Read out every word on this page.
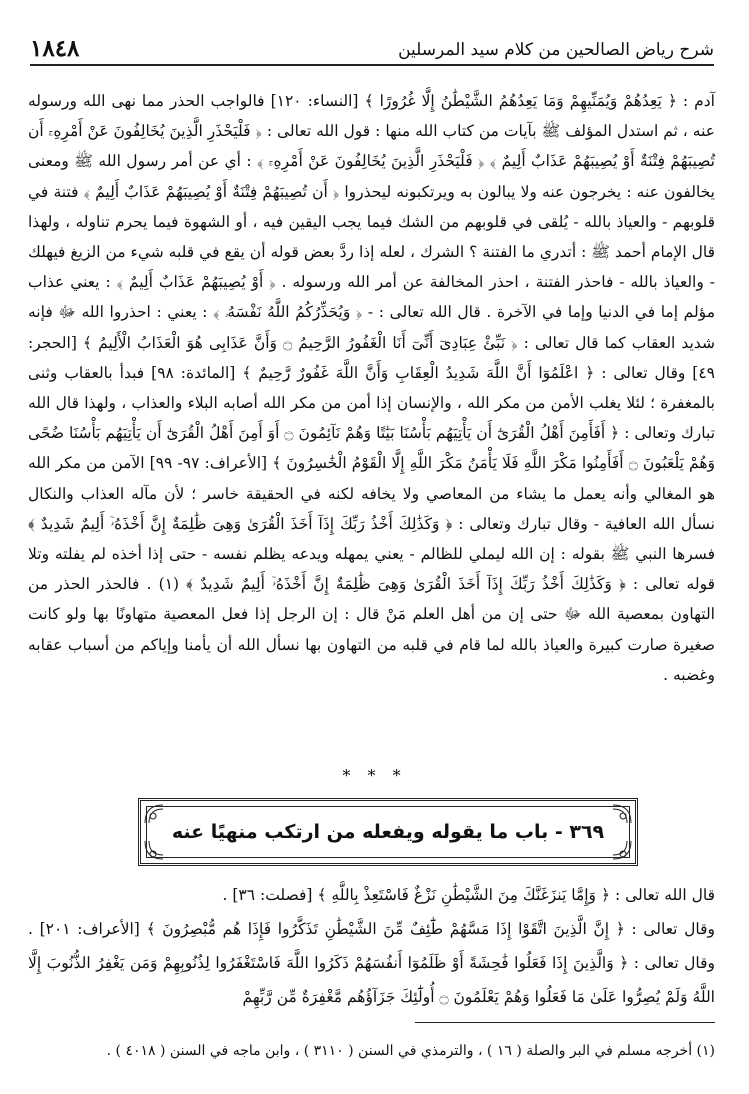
١٨٤٨	شرح رياض الصالحين من كلام سيد المرسلين

آدم : ﴿ يَعِدُهُمْ وَيُمَنِّيهِمْ وَمَا يَعِدُهُمُ الشَّيْطَٰنُ إِلَّا غُرُورًا ﴾ [النساء: ١٢٠] فالواجب الحذر مما نهى الله ورسوله عنه ، ثم استدل المؤلف ﷺ بآيات من كتاب الله منها : قول الله تعالى : ﴿ فَلْيَحْذَرِ الَّذِينَ يُخَالِفُونَ عَنْ أَمْرِهِۦٓ أَن تُصِيبَهُمْ فِتْنَةٌ أَوْ يُصِيبَهُمْ عَذَابٌ أَلِيمٌ ﴾ ﴿ فَلْيَحْذَرِ الَّذِينَ يُخَالِفُونَ عَنْ أَمْرِهِۦٓ ﴾ : أي عن أمر رسول الله ﷺ ومعنى يخالفون عنه : يخرجون عنه ولا يبالون به ويرتكبونه ليحذروا ﴿ أَن تُصِيبَهُمْ فِتْنَةٌ أَوْ يُصِيبَهُمْ عَذَابٌ أَلِيمٌ ﴾ فتنة في قلوبهم - والعياذ بالله - يُلقى في قلوبهم من الشك فيما يجب اليقين فيه ، أو الشهوة فيما يحرم تناوله ، ولهذا قال الإمام أحمد ﷺ : أتدري ما الفتنة ؟ الشرك ، لعله إذا ردَّ بعض قوله أن يقع في قلبه شيء من الزيغ فيهلك - والعياذ بالله - فاحذر الفتنة ، احذر المخالفة عن أمر الله ورسوله . ﴿ أَوْ يُصِيبَهُمْ عَذَابٌ أَلِيمٌ ﴾ : يعني عذاب مؤلم إما في الدنيا وإما في الآخرة . قال الله تعالى : - ﴿ وَيُحَذِّرُكُمُ اللَّهُ نَفْسَهُۥ ﴾ : يعني : احذروا الله ﷻ فإنه شديد العقاب كما قال تعالى : ﴿ نَبِّئْ عِبَادِىٓ أَنِّىٓ أَنَا الْغَفُورُ الرَّحِيمُ ۝ وَأَنَّ عَذَابِى هُوَ الْعَذَابُ الْأَلِيمُ ﴾ [الحجر: ٤٩] وقال تعالى : ﴿ اعْلَمُوٓا أَنَّ اللَّهَ شَدِيدُ الْعِقَابِ وَأَنَّ اللَّهَ غَفُورٌ رَّحِيمٌ ﴾ [المائدة: ٩٨] فبدأ بالعقاب وثنى بالمغفرة ؛ لئلا يغلب الأمن من مكر الله ، والإنسان إذا أمن من مكر الله أصابه البلاء والعذاب ، ولهذا قال الله تبارك وتعالى : ﴿ أَفَأَمِنَ أَهْلُ الْقُرَىٰٓ أَن يَأْتِيَهُم بَأْسُنَا بَيَٰتًا وَهُمْ نَآئِمُونَ ۝ أَوَ أَمِنَ أَهْلُ الْقُرَىٰٓ أَن يَأْتِيَهُم بَأْسُنَا ضُحًى وَهُمْ يَلْعَبُونَ ۝ أَفَأَمِنُوا مَكْرَ اللَّهِ فَلَا يَأْمَنُ مَكْرَ اللَّهِ إِلَّا الْقَوْمُ الْخَٰسِرُونَ ﴾ [الأعراف: ٩٧- ٩٩] الآمن من مكر الله هو المغالي وأنه يعمل ما يشاء من المعاصي ولا يخافه لكنه في الحقيقة خاسر ؛ لأن مآله العذاب والنكال نسأل الله العافية - وقال تبارك وتعالى : ﴿ وَكَذَٰلِكَ أَخْذُ رَبِّكَ إِذَآ أَخَذَ الْقُرَىٰ وَهِىَ ظَٰلِمَةٌ إِنَّ أَخْذَهُۥٓ أَلِيمٌ شَدِيدٌ ﴾ فسرها النبي ﷺ بقوله : إن الله ليملي للظالم - يعني يمهله ويدعه يظلم نفسه - حتى إذا أخذه لم يفلته وتلا قوله تعالى : ﴿ وَكَذَٰلِكَ أَخْذُ رَبِّكَ إِذَآ أَخَذَ الْقُرَىٰ وَهِىَ ظَٰلِمَةٌ إِنَّ أَخْذَهُۥٓ أَلِيمٌ شَدِيدٌ ﴾ (١) . فالحذر الحذر من التهاون بمعصية الله ﷻ حتى إن من أهل العلم مَنْ قال : إن الرجل إذا فعل المعصية متهاونًا بها ولو كانت صغيرة صارت كبيرة والعياذ بالله لما قام في قلبه من التهاون بها نسأل الله أن يأمنا وإياكم من أسباب عقابه وغضبه .

* * *
٣٦٩ - باب ما يقوله ويفعله من ارتكب منهيًا عنه

قال الله تعالى : ﴿ وَإِمَّا يَنزَغَنَّكَ مِنَ الشَّيْطَٰنِ نَزْغٌ فَاسْتَعِذْ بِاللَّهِ ﴾ [فصلت: ٣٦] .

وقال تعالى : ﴿ إِنَّ الَّذِينَ اتَّقَوْا إِذَا مَسَّهُمْ طَٰٓئِفٌ مِّنَ الشَّيْطَٰنِ تَذَكَّرُوا فَإِذَا هُم مُّبْصِرُونَ ﴾ [الأعراف: ٢٠١] . وقال تعالى : ﴿ وَالَّذِينَ إِذَا فَعَلُوا فَٰحِشَةً أَوْ ظَلَمُوٓا أَنفُسَهُمْ ذَكَرُوا اللَّهَ فَاسْتَغْفَرُوا لِذُنُوبِهِمْ وَمَن يَغْفِرُ الذُّنُوبَ إِلَّا اللَّهُ وَلَمْ يُصِرُّوا عَلَىٰ مَا فَعَلُوا وَهُمْ يَعْلَمُونَ ۝ أُولَٰٓئِكَ جَزَآؤُهُم مَّغْفِرَةٌ مِّن رَّبِّهِمْ

(١) أخرجه مسلم في البر والصلة ( ١٦ ) ، والترمذي في السنن ( ٣١١٠ ) ، وابن ماجه في السنن ( ٤٠١٨ ) .
